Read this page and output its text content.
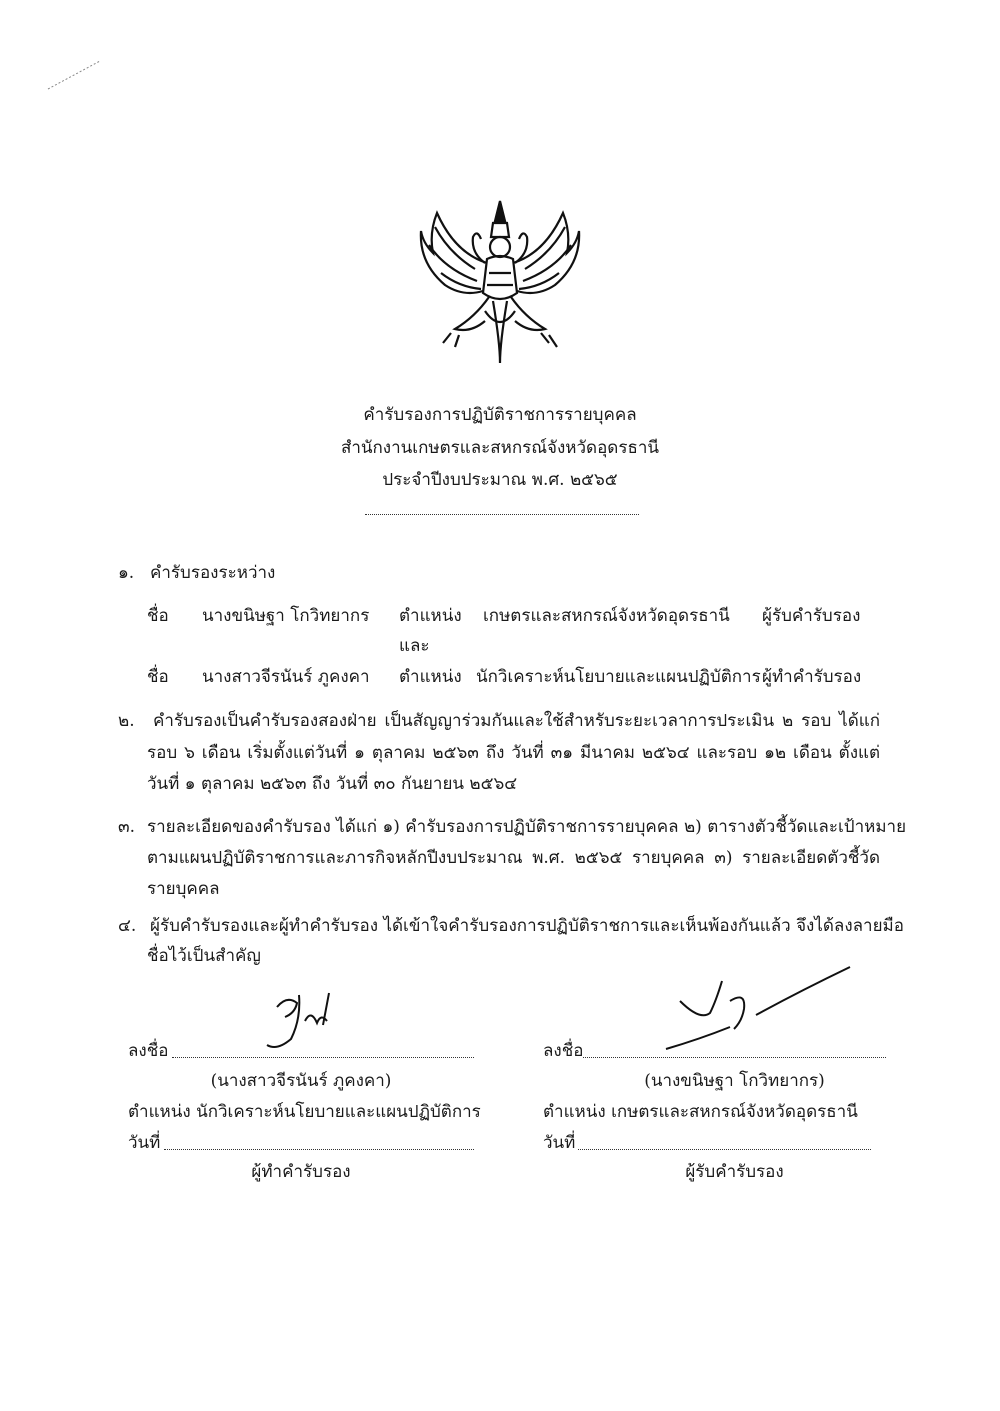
คำรับรองการปฏิบัติราชการรายบุคคล
สำนักงานเกษตรและสหกรณ์จังหวัดอุดรธานี
ประจำปีงบประมาณ พ.ศ. ๒๕๖๕
๑. คำรับรองระหว่าง
ชื่อ นางขนิษฐา โกวิทยากร ตำแหน่ง เกษตรและสหกรณ์จังหวัดอุดรธานี ผู้รับคำรับรอง
และ
ชื่อ นางสาวจีรนันร์ ภูคงคา ตำแหน่ง นักวิเคราะห์นโยบายและแผนปฏิบัติการ ผู้ทำคำรับรอง
๒. คำรับรองเป็นคำรับรองสองฝ่าย เป็นสัญญาร่วมกันและใช้สำหรับระยะเวลาการประเมิน ๒ รอบ ได้แก่
รอบ ๖ เดือน เริ่มตั้งแต่วันที่ ๑ ตุลาคม ๒๕๖๓ ถึง วันที่ ๓๑ มีนาคม ๒๕๖๔ และรอบ ๑๒ เดือน ตั้งแต่
วันที่ ๑ ตุลาคม ๒๕๖๓ ถึง วันที่ ๓๐ กันยายน ๒๕๖๔
๓. รายละเอียดของคำรับรอง ได้แก่ ๑) คำรับรองการปฏิบัติราชการรายบุคคล ๒) ตารางตัวชี้วัดและเป้าหมาย
ตามแผนปฏิบัติราชการและภารกิจหลักปีงบประมาณ พ.ศ. ๒๕๖๕ รายบุคคล ๓) รายละเอียดตัวชี้วัด
รายบุคคล
๔. ผู้รับคำรับรองและผู้ทำคำรับรอง ได้เข้าใจคำรับรองการปฏิบัติราชการและเห็นพ้องกันแล้ว จึงได้ลงลายมือ
ชื่อไว้เป็นสำคัญ
ลงชื่อ
(นางสาวจีรนันร์ ภูคงคา)
ตำแหน่ง นักวิเคราะห์นโยบายและแผนปฏิบัติการ
วันที่
ผู้ทำคำรับรอง
ลงชื่อ
(นางขนิษฐา โกวิทยากร)
ตำแหน่ง เกษตรและสหกรณ์จังหวัดอุดรธานี
วันที่
ผู้รับคำรับรอง
